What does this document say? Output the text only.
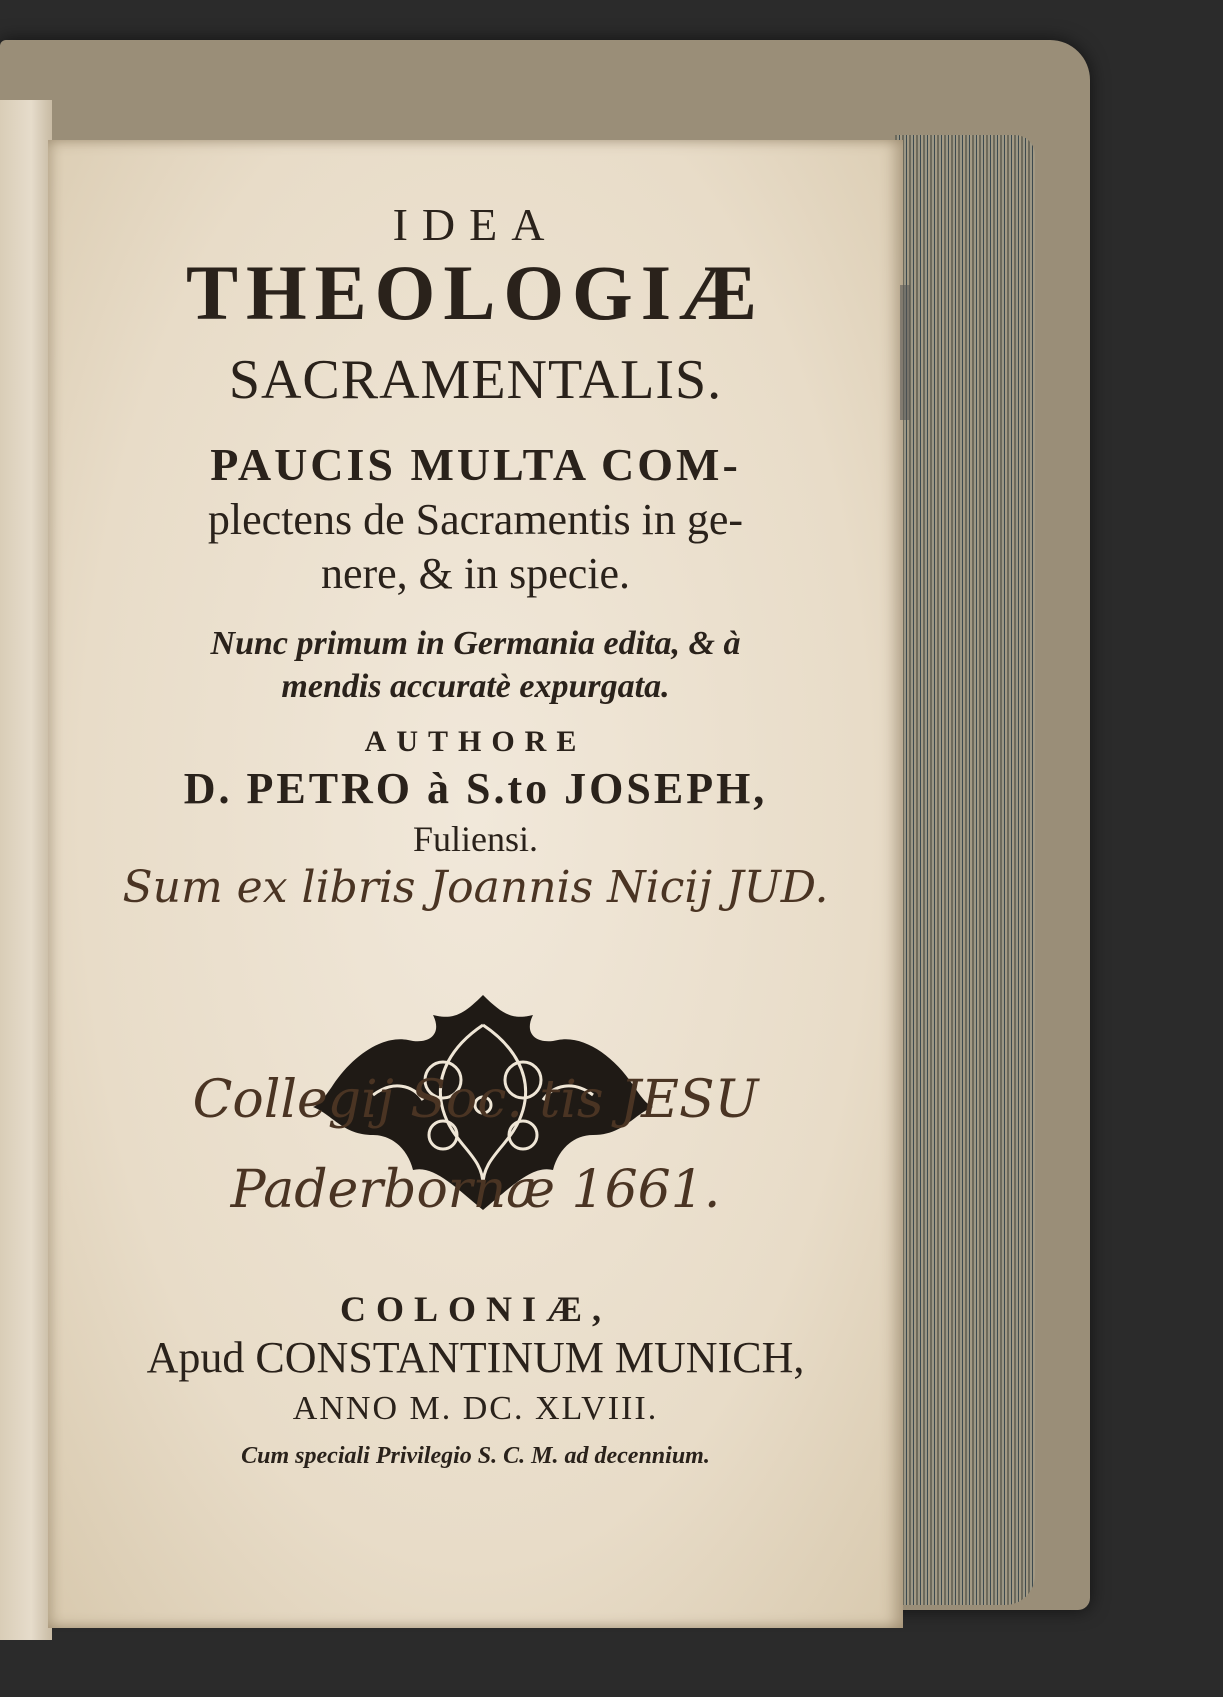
IDEA
THEOLOGIÆ
SACRAMENTALIS.
PAUCIS MULTA COM-
plectens de Sacramentis in ge-
nere, & in specie.
Nunc primum in Germania edita, & à
mendis accuratè expurgata.
AUTHORE
D. PETRO à S.to JOSEPH,
Fuliensi.
Sum ex libris Joannis Nicij JUD.
Collegij Soc. tis JESU
Paderbornæ 1661.
COLONIÆ,
Apud CONSTANTINUM MUNICH,
ANNO M. DC. XLVIII.
Cum speciali Privilegio S. C. M. ad decennium.
